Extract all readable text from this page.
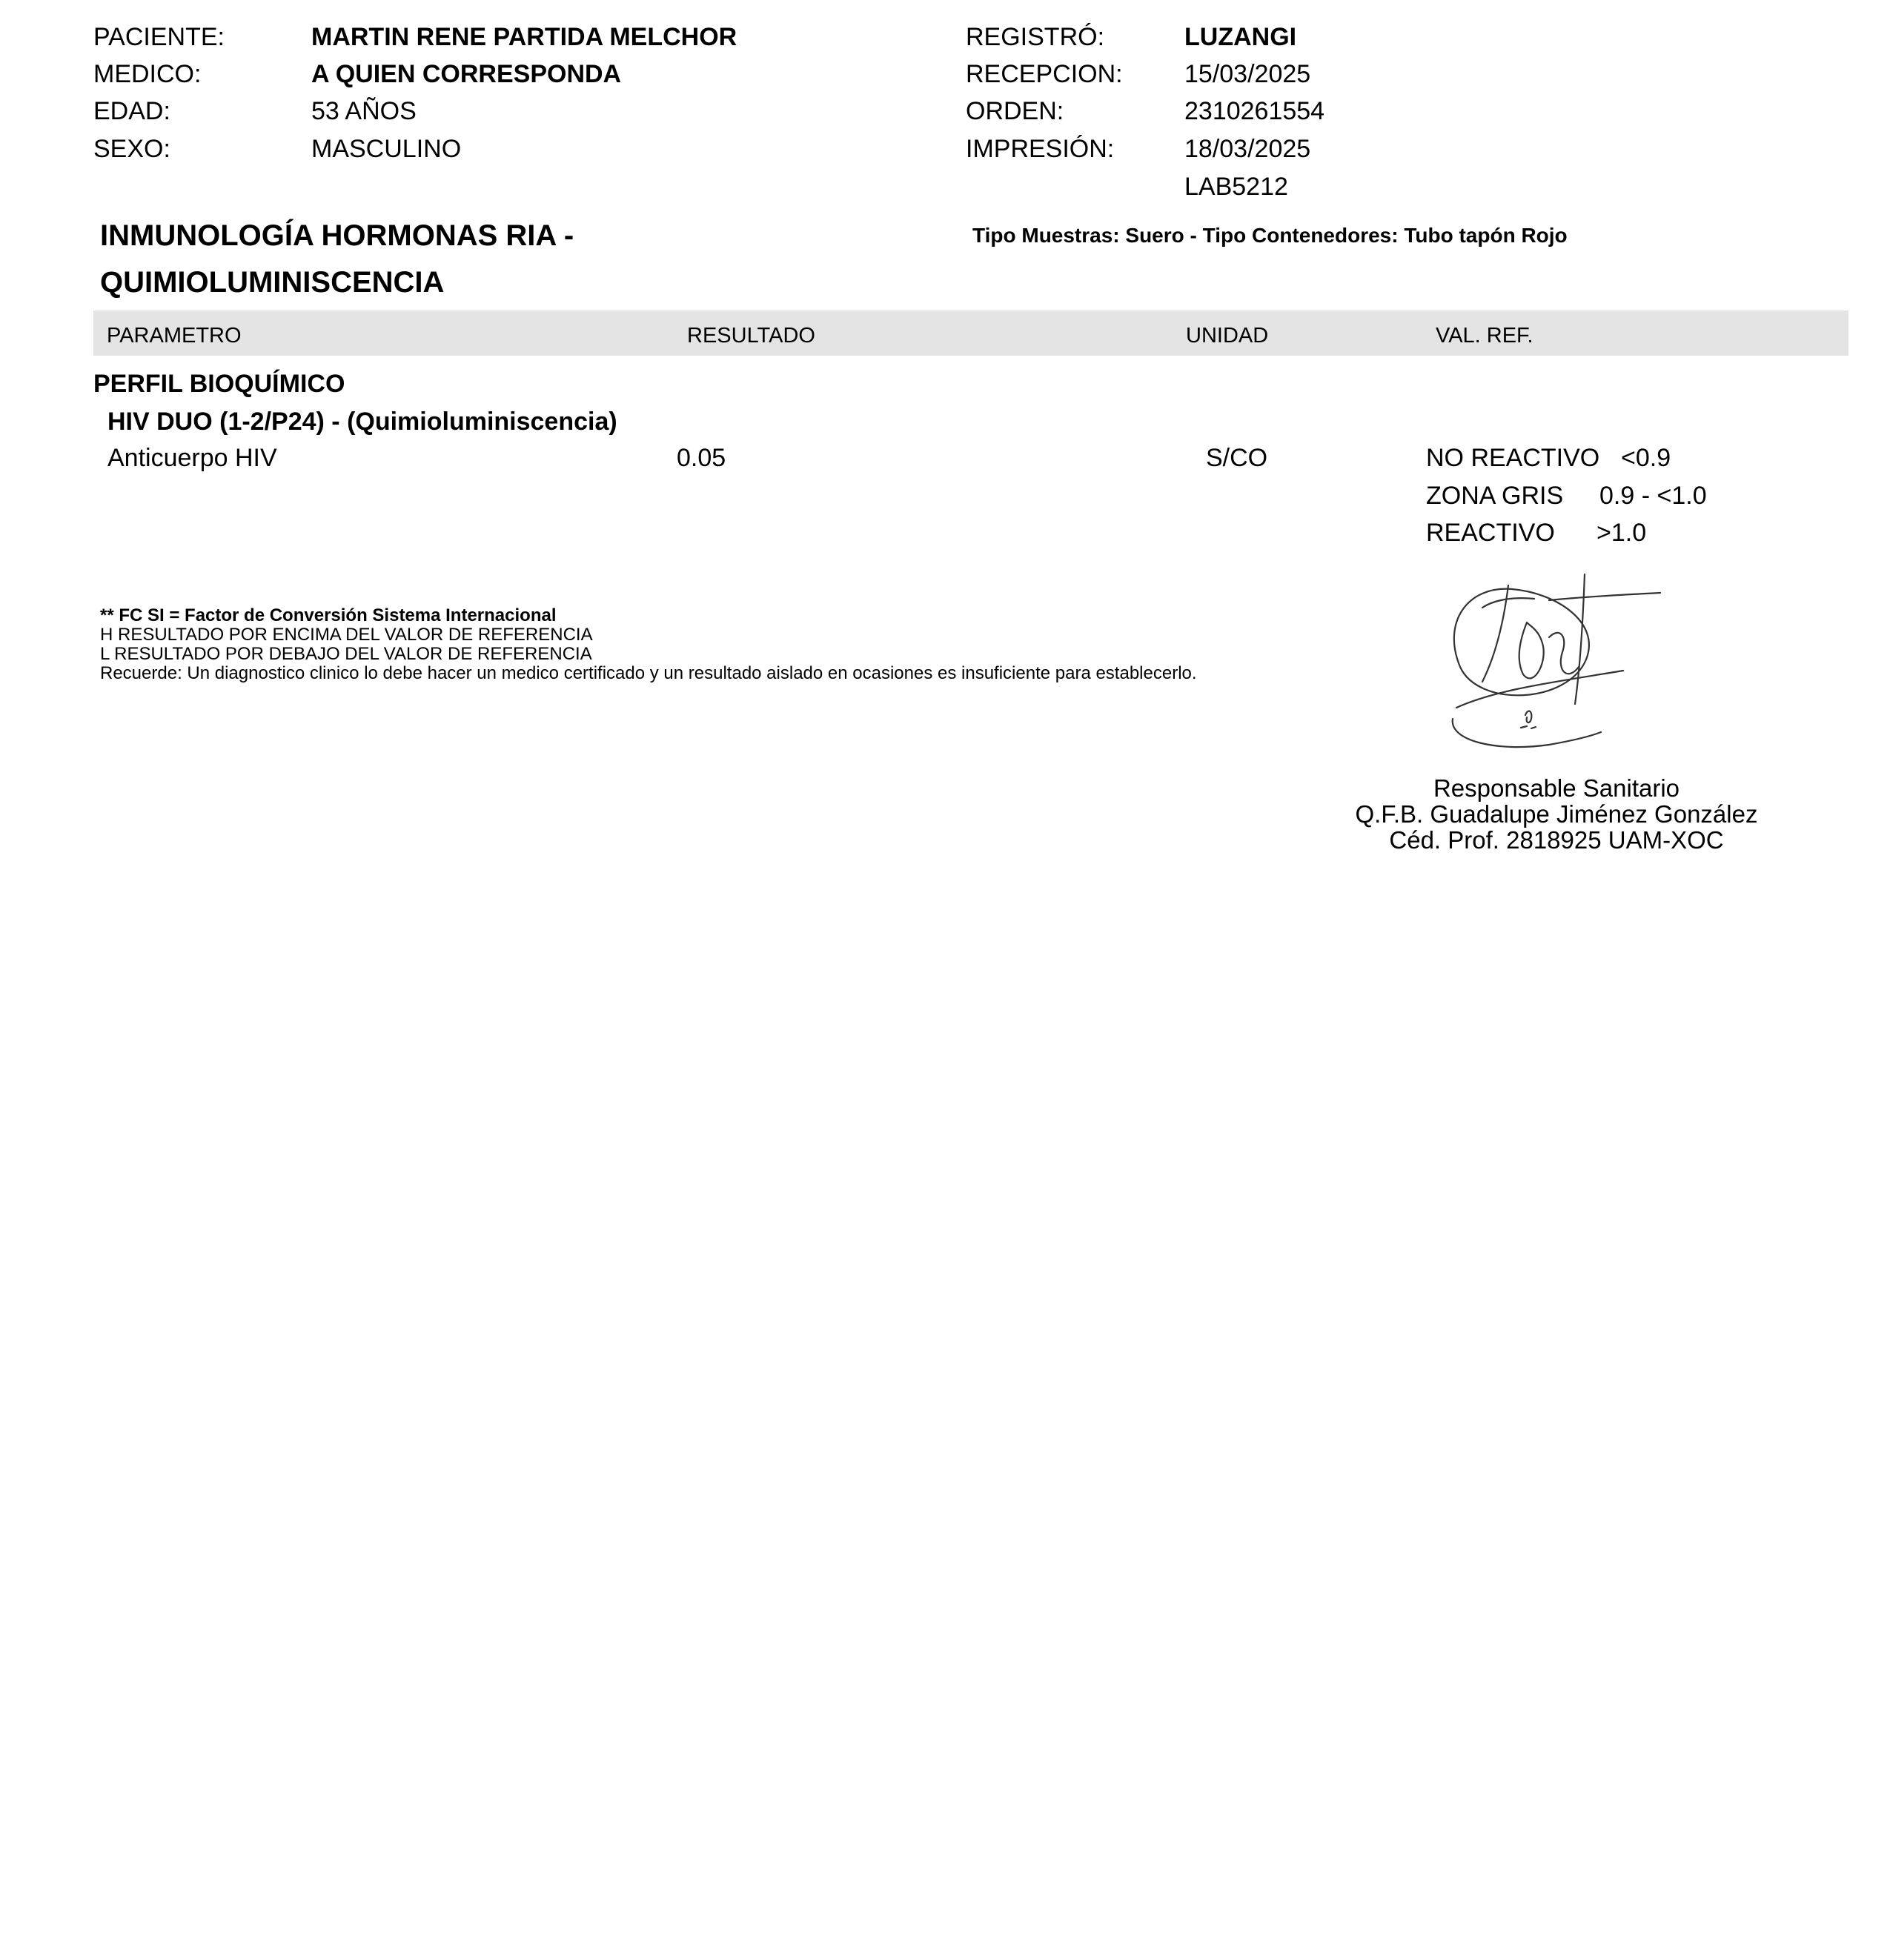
PACIENTE:	MARTIN RENE PARTIDA MELCHOR
MEDICO:	A QUIEN CORRESPONDA
EDAD:	53 AÑOS
SEXO:	MASCULINO
REGISTRÓ:	LUZANGI
RECEPCION: 15/03/2025
ORDEN:	2310261554
IMPRESIÓN:	18/03/2025
LAB5212
INMUNOLOGÍA HORMONAS RIA -
QUIMIOLUMINISCENCIA
Tipo Muestras: Suero - Tipo Contenedores: Tubo tapón Rojo
PARAMETRO	RESULTADO	UNIDAD	VAL. REF.
PERFIL BIOQUÍMICO
HIV DUO (1-2/P24) - (Quimioluminiscencia)
Anticuerpo HIV	0.05	S/CO	NO REACTIVO <0.9
ZONA GRIS 0.9 - <1.0
REACTIVO >1.0
** FC SI = Factor de Conversión Sistema Internacional
H RESULTADO POR ENCIMA DEL VALOR DE REFERENCIA
L RESULTADO POR DEBAJO DEL VALOR DE REFERENCIA
Recuerde: Un diagnostico clinico lo debe hacer un medico certificado y un resultado aislado en ocasiones es insuficiente para establecerlo.
Responsable Sanitario
Q.F.B. Guadalupe Jiménez González
Céd. Prof. 2818925 UAM-XOC
